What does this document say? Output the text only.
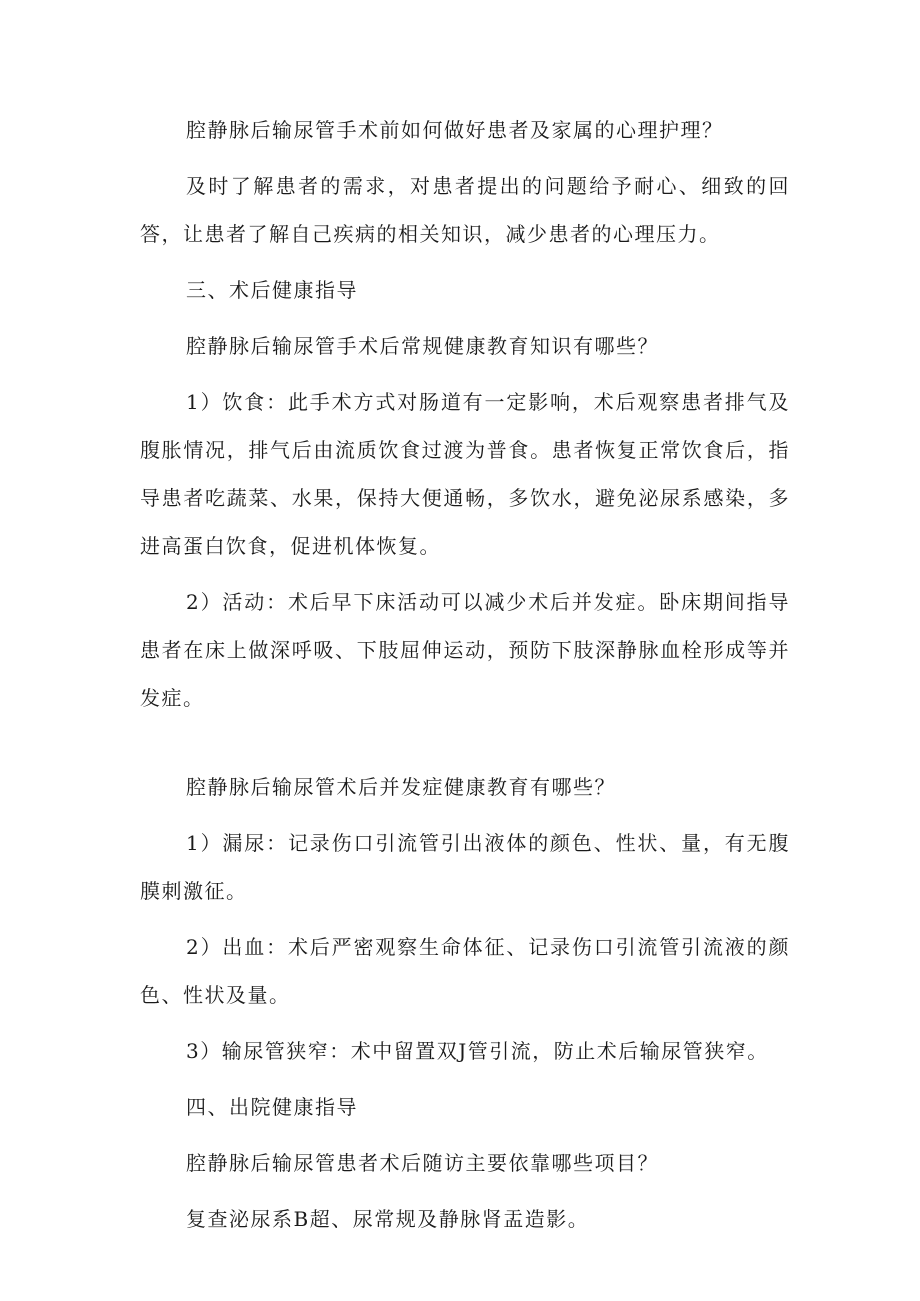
腔静脉后输尿管手术前如何做好患者及家属的心理护理？

及时了解患者的需求，对患者提出的问题给予耐心、细致的回答，让患者了解自己疾病的相关知识，减少患者的心理压力。

三、术后健康指导

腔静脉后输尿管手术后常规健康教育知识有哪些？

1）饮食：此手术方式对肠道有一定影响，术后观察患者排气及腹胀情况，排气后由流质饮食过渡为普食。患者恢复正常饮食后，指导患者吃蔬菜、水果，保持大便通畅，多饮水，避免泌尿系感染，多进高蛋白饮食，促进机体恢复。

2）活动：术后早下床活动可以减少术后并发症。卧床期间指导患者在床上做深呼吸、下肢屈伸运动，预防下肢深静脉血栓形成等并发症。

腔静脉后输尿管术后并发症健康教育有哪些？

1）漏尿：记录伤口引流管引出液体的颜色、性状、量，有无腹膜刺激征。

2）出血：术后严密观察生命体征、记录伤口引流管引流液的颜色、性状及量。

3）输尿管狭窄：术中留置双J管引流，防止术后输尿管狭窄。

四、出院健康指导

腔静脉后输尿管患者术后随访主要依靠哪些项目？

复查泌尿系B超、尿常规及静脉肾盂造影。
